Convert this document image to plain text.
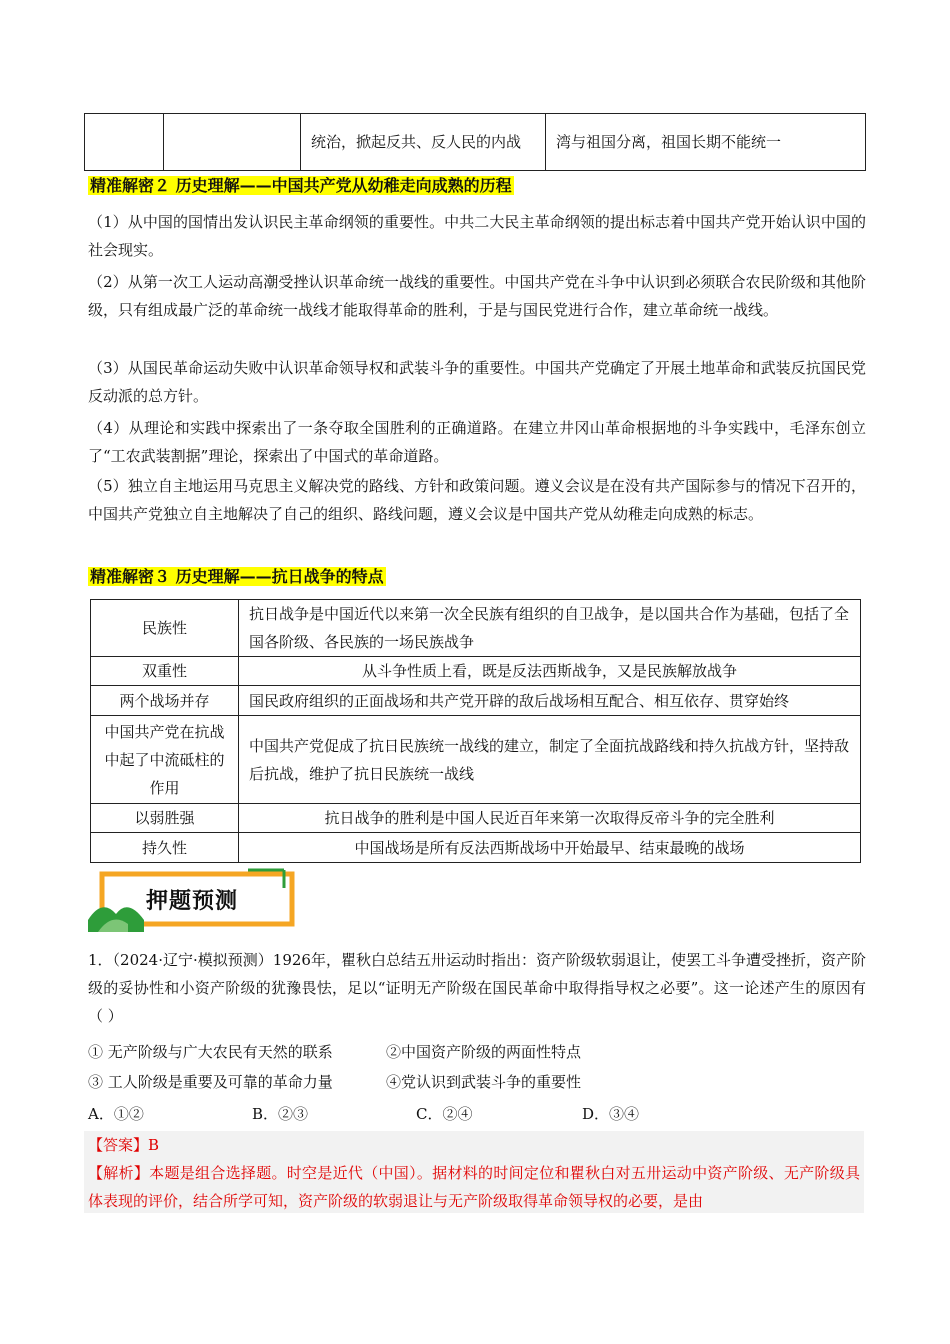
		统治，掀起反共、反人民的内战	湾与祖国分离，祖国长期不能统一
精准解密２ 历史理解——中国共产党从幼稚走向成熟的历程
（1）从中国的国情出发认识民主革命纲领的重要性。中共二大民主革命纲领的提出标志着中国共产党开始认识中国的社会现实。
（2）从第一次工人运动高潮受挫认识革命统一战线的重要性。中国共产党在斗争中认识到必须联合农民阶级和其他阶级，只有组成最广泛的革命统一战线才能取得革命的胜利，于是与国民党进行合作，建立革命统一战线。
（3）从国民革命运动失败中认识革命领导权和武装斗争的重要性。中国共产党确定了开展土地革命和武装反抗国民党反动派的总方针。
（4）从理论和实践中探索出了一条夺取全国胜利的正确道路。在建立井冈山革命根据地的斗争实践中，毛泽东创立了“工农武装割据”理论，探索出了中国式的革命道路。
（5）独立自主地运用马克思主义解决党的路线、方针和政策问题。遵义会议是在没有共产国际参与的情况下召开的，中国共产党独立自主地解决了自己的组织、路线问题，遵义会议是中国共产党从幼稚走向成熟的标志。
精准解密３ 历史理解——抗日战争的特点
民族性	抗日战争是中国近代以来第一次全民族有组织的自卫战争，是以国共合作为基础，包括了全国各阶级、各民族的一场民族战争
双重性	从斗争性质上看，既是反法西斯战争，又是民族解放战争
两个战场并存	国民政府组织的正面战场和共产党开辟的敌后战场相互配合、相互依存、贯穿始终
中国共产党在抗战中起了中流砥柱的作用	中国共产党促成了抗日民族统一战线的建立，制定了全面抗战路线和持久抗战方针，坚持敌后抗战，维护了抗日民族统一战线
以弱胜强	抗日战争的胜利是中国人民近百年来第一次取得反帝斗争的完全胜利
持久性	中国战场是所有反法西斯战场中开始最早、结束最晚的战场
押题预测
1．（2024·辽宁·模拟预测）1926年，瞿秋白总结五卅运动时指出：资产阶级软弱退让，使罢工斗争遭受挫折，资产阶级的妥协性和小资产阶级的犹豫畏怯，足以“证明无产阶级在国民革命中取得指导权之必要”。这一论述产生的原因有（ ）
① 无产阶级与广大农民有天然的联系	②中国资产阶级的两面性特点
③ 工人阶级是重要及可靠的革命力量	④党认识到武装斗争的重要性
A．①②	B．②③	C．②④	D．③④
【答案】B
【解析】本题是组合选择题。时空是近代（中国）。据材料的时间定位和瞿秋白对五卅运动中资产阶级、无产阶级具体表现的评价，结合所学可知，资产阶级的软弱退让与无产阶级取得革命领导权的必要，是由
